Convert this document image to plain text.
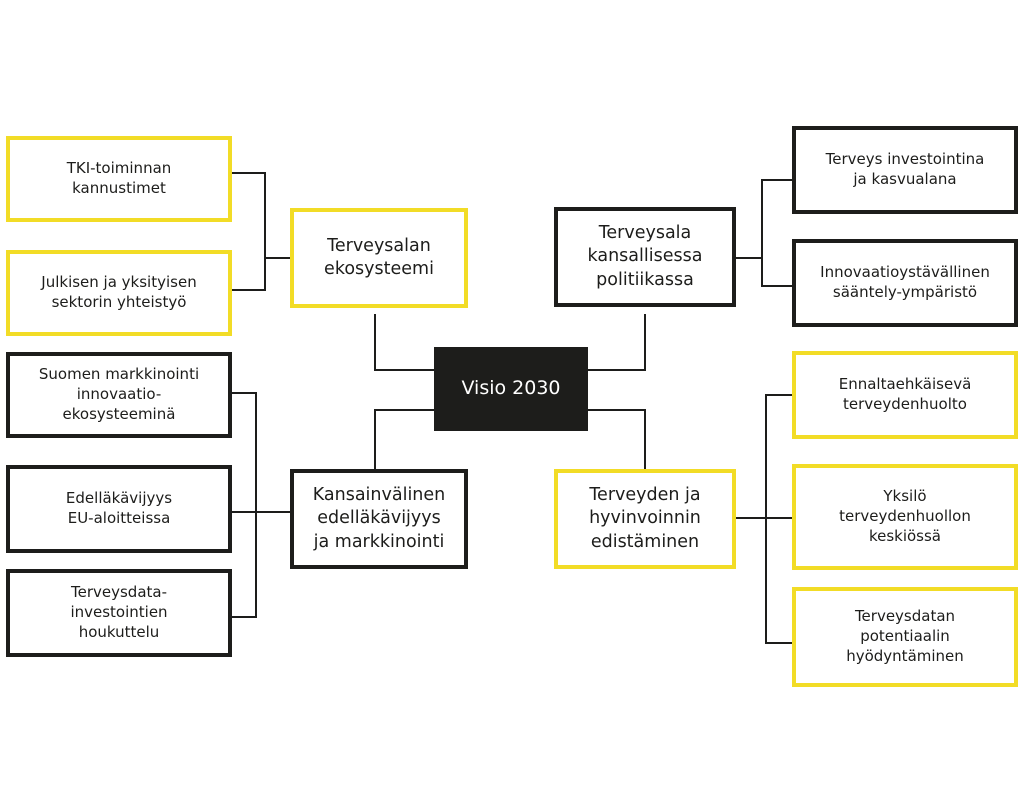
Visio 2030
Terveysalan
ekosysteemi
TKI-toiminnan
kannustimet
Julkisen ja yksityisen
sektorin yhteistyö
Terveysala
kansallisessa
politiikassa
Terveys investointina
ja kasvualana
Innovaatioystävällinen
sääntely-ympäristö
Kansainvälinen
edelläkävijyys
ja markkinointi
Suomen markkinointi
innovaatio-
ekosysteeminä
Edelläkävijyys
EU-aloitteissa
Terveysdata-
investointien
houkuttelu
Terveyden ja
hyvinvoinnin
edistäminen
Ennaltaehkäisevä
terveydenhuolto
Yksilö
terveydenhuollon
keskiössä
Terveysdatan
potentiaalin
hyödyntäminen
